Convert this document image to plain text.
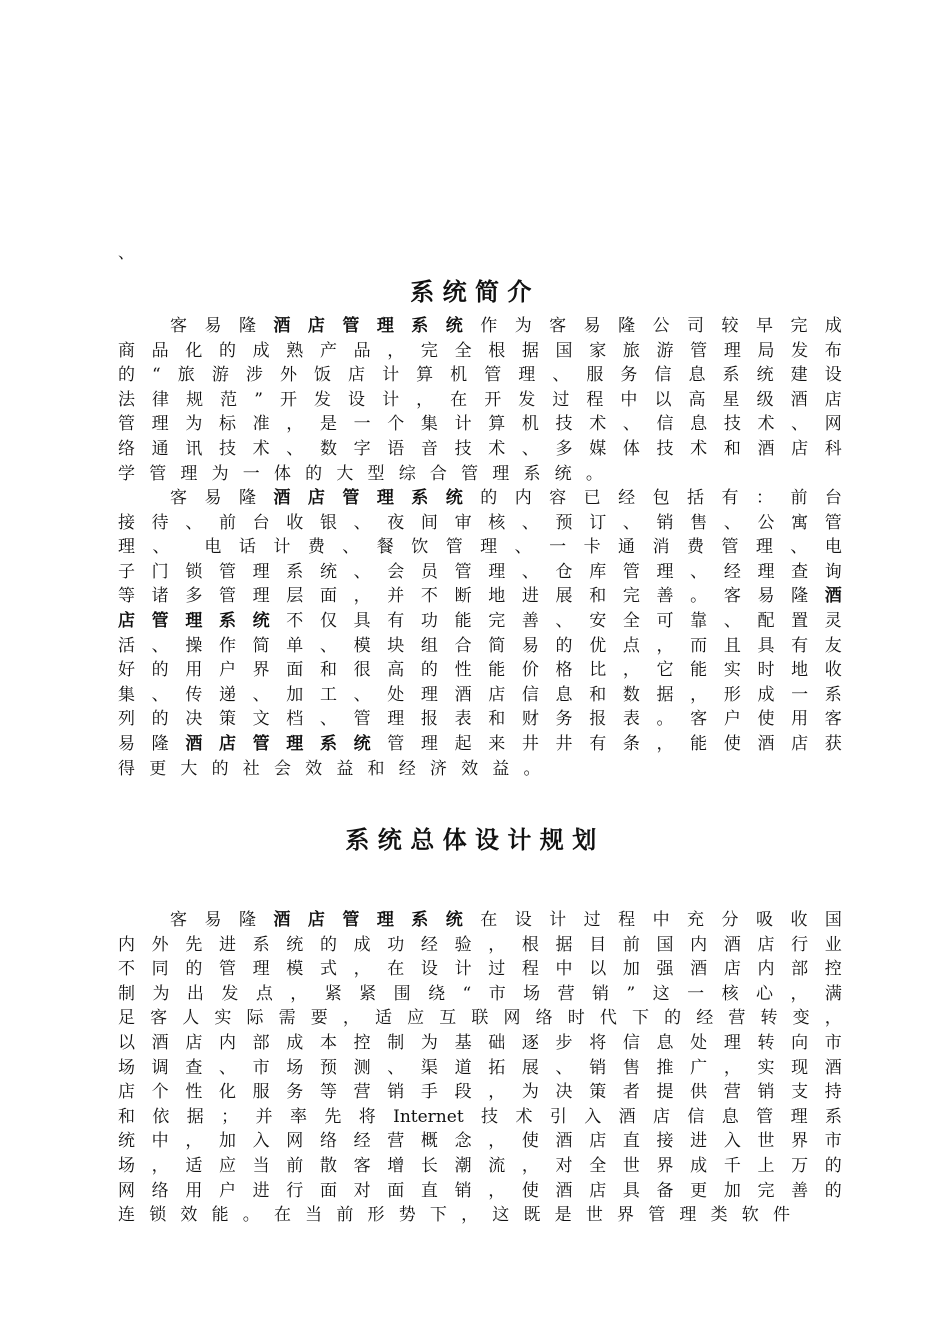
、
系统简介
客 易 隆 酒 店 管 理 系 统 作 为 客 易 隆 公 司 较 早 完 成
商 品 化 的 成 熟 产 品 ， 完 全 根 据 国 家 旅 游 管 理 局 发 布
的 “ 旅 游 涉 外 饭 店 计 算 机 管 理 、 服 务 信 息 系 统 建 设
法 律 规 范 ” 开 发 设 计 ， 在 开 发 过 程 中 以 高 星 级 酒 店
管 理 为 标 准 ， 是 一 个 集 计 算 机 技 术 、 信 息 技 术 、 网
络 通 讯 技 术 、 数 字 语 音 技 术 、 多 媒 体 技 术 和 酒 店 科
学 管 理 为 一 体 的 大 型 综 合 管 理 系 统 。
客 易 隆 酒 店 管 理 系 统 的 内 容 已 经 包 括 有 ： 前 台
接 待 、 前 台 收 银 、 夜 间 审 核 、 预 订 、 销 售 、 公 寓 管
理 、 电 话 计 费 、 餐 饮 管 理 、 一 卡 通 消 费 管 理 、 电
子 门 锁 管 理 系 统 、 会 员 管 理 、 仓 库 管 理 、 经 理 查 询
等 诸 多 管 理 层 面 ， 并 不 断 地 进 展 和 完 善 。 客 易 隆 酒
店 管 理 系 统 不 仅 具 有 功 能 完 善 、 安 全 可 靠 、 配 置 灵
活 、 操 作 简 单 、 模 块 组 合 简 易 的 优 点 ， 而 且 具 有 友
好 的 用 户 界 面 和 很 高 的 性 能 价 格 比 ， 它 能 实 时 地 收
集 、 传 递 、 加 工 、 处 理 酒 店 信 息 和 数 据 ， 形 成 一 系
列 的 决 策 文 档 、 管 理 报 表 和 财 务 报 表 。 客 户 使 用 客
易 隆 酒 店 管 理 系 统 管 理 起 来 井 井 有 条 ， 能 使 酒 店 获
得 更 大 的 社 会 效 益 和 经 济 效 益 。
系统总体设计规划
客 易 隆 酒 店 管 理 系 统 在 设 计 过 程 中 充 分 吸 收 国
内 外 先 进 系 统 的 成 功 经 验 ， 根 据 目 前 国 内 酒 店 行 业
不 同 的 管 理 模 式 ， 在 设 计 过 程 中 以 加 强 酒 店 内 部 控
制 为 出 发 点 ， 紧 紧 围 绕 “ 市 场 营 销 ” 这 一 核 心 ， 满
足 客 人 实 际 需 要 ， 适 应 互 联 网 络 时 代 下 的 经 营 转 变 ，
以 酒 店 内 部 成 本 控 制 为 基 础 逐 步 将 信 息 处 理 转 向 市
场 调 查 、 市 场 预 测 、 渠 道 拓 展 、 销 售 推 广 ， 实 现 酒
店 个 性 化 服 务 等 营 销 手 段 ， 为 决 策 者 提 供 营 销 支 持
和 依 据 ； 并 率 先 将 Internet 技 术 引 入 酒 店 信 息 管 理 系
统 中 ， 加 入 网 络 经 营 概 念 ， 使 酒 店 直 接 进 入 世 界 市
场 ， 适 应 当 前 散 客 增 长 潮 流 ， 对 全 世 界 成 千 上 万 的
网 络 用 户 进 行 面 对 面 直 销 ， 使 酒 店 具 备 更 加 完 善 的
连 锁 效 能 。 在 当 前 形 势 下 ， 这 既 是 世 界 管 理 类 软 件
